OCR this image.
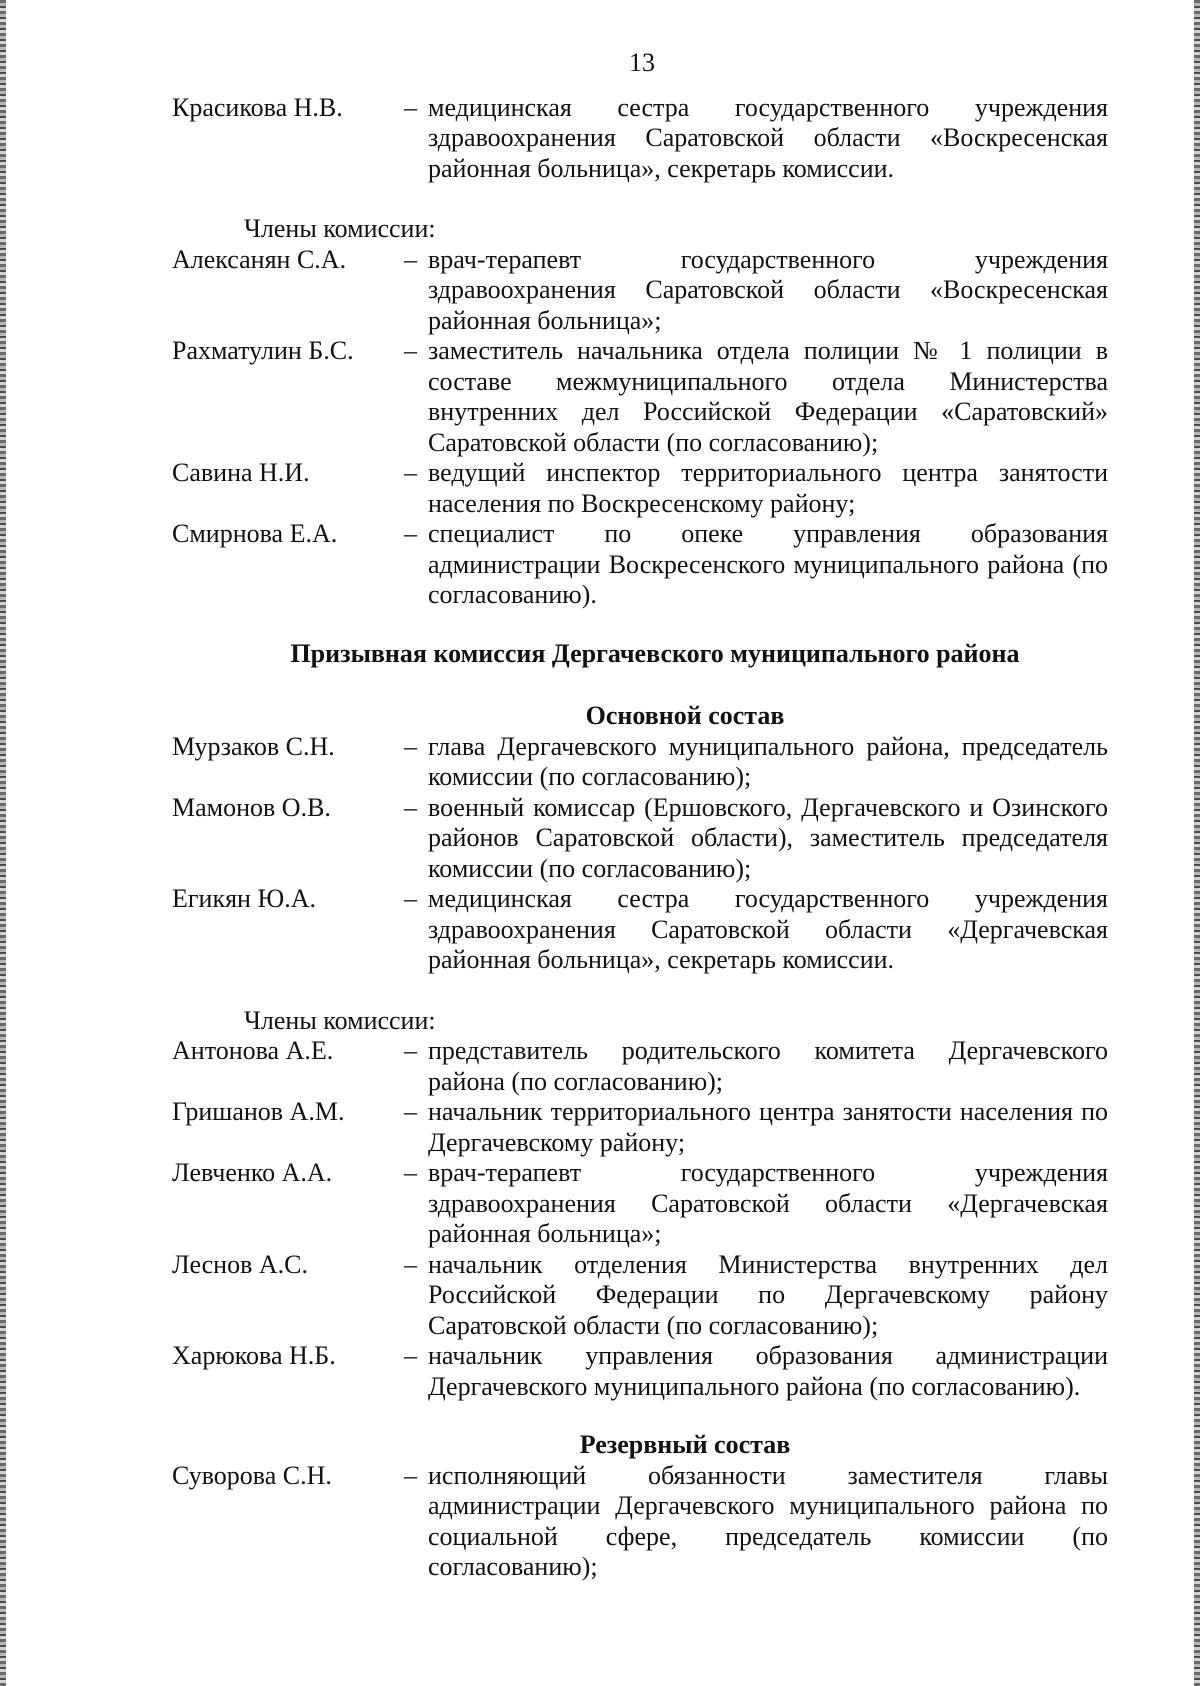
13
Красикова Н.В.	– медицинская сестра государственного учреждения здравоохранения Саратовской области «Воскресенская районная больница», секретарь комиссии.
Члены комиссии:
Алексанян С.А.	– врач-терапевт государственного учреждения здравоохранения Саратовской области «Воскресенская районная больница»;
Рахматулин Б.С.	– заместитель начальника отдела полиции № 1 полиции в составе межмуниципального отдела Министерства внутренних дел Российской Федерации «Саратовский» Саратовской области (по согласованию);
Савина Н.И.	– ведущий инспектор территориального центра занятости населения по Воскресенскому району;
Смирнова Е.А.	– специалист по опеке управления образования администрации Воскресенского муниципального района (по согласованию).
Призывная комиссия Дергачевского муниципального района
Основной состав
Мурзаков С.Н.	– глава Дергачевского муниципального района, председатель комиссии (по согласованию);
Мамонов О.В.	– военный комиссар (Ершовского, Дергачевского и Озинского районов Саратовской области), заместитель председателя комиссии (по согласованию);
Егикян Ю.А.	– медицинская сестра государственного учреждения здравоохранения Саратовской области «Дергачевская районная больница», секретарь комиссии.
Члены комиссии:
Антонова А.Е.	– представитель родительского комитета Дергачевского района (по согласованию);
Гришанов А.М.	– начальник территориального центра занятости населения по Дергачевскому району;
Левченко А.А.	– врач-терапевт государственного учреждения здравоохранения Саратовской области «Дергачевская районная больница»;
Леснов А.С.	– начальник отделения Министерства внутренних дел Российской Федерации по Дергачевскому району Саратовской области (по согласованию);
Харюкова Н.Б.	– начальник управления образования администрации Дергачевского муниципального района (по согласованию).
Резервный состав
Суворова С.Н.	– исполняющий обязанности заместителя главы администрации Дергачевского муниципального района по социальной сфере, председатель комиссии (по согласованию);
